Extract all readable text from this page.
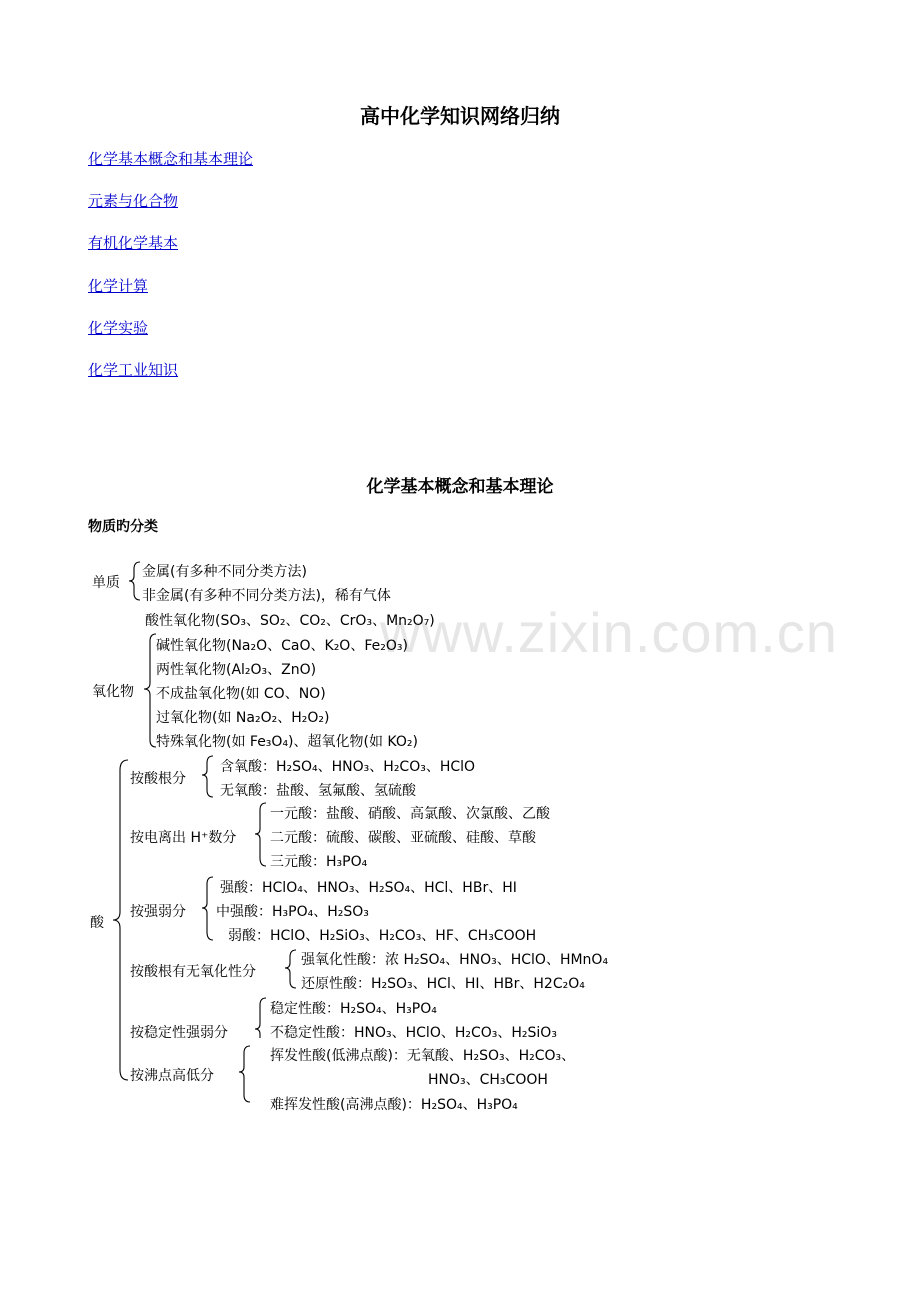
www.zixin.com.cn
高中化学知识网络归纳
化学基本概念和基本理论
元素与化合物
有机化学基本
化学计算
化学实验
化学工业知识
化学基本概念和基本理论
物质旳分类
单质
金属(有多种不同分类方法)
非金属(有多种不同分类方法)，稀有气体
氧化物
酸性氧化物(SO₃、SO₂、CO₂、CrO₃、Mn₂O₇)
碱性氧化物(Na₂O、CaO、K₂O、Fe₂O₃)
两性氧化物(Al₂O₃、ZnO)
不成盐氧化物(如 CO、NO)
过氧化物(如 Na₂O₂、H₂O₂)
特殊氧化物(如 Fe₃O₄)、超氧化物(如 KO₂)
酸
按酸根分
含氧酸：H₂SO₄、HNO₃、H₂CO₃、HClO
无氧酸：盐酸、氢氟酸、氢硫酸
按电离出 H⁺数分
一元酸：盐酸、硝酸、高氯酸、次氯酸、乙酸
二元酸：硫酸、碳酸、亚硫酸、硅酸、草酸
三元酸：H₃PO₄
按强弱分
强酸：HClO₄、HNO₃、H₂SO₄、HCl、HBr、HI
中强酸：H₃PO₄、H₂SO₃
弱酸：HClO、H₂SiO₃、H₂CO₃、HF、CH₃COOH
按酸根有无氧化性分
强氧化性酸：浓 H₂SO₄、HNO₃、HClO、HMnO₄
还原性酸：H₂SO₃、HCl、HI、HBr、H2C₂O₄
按稳定性强弱分
稳定性酸：H₂SO₄、H₃PO₄
不稳定性酸：HNO₃、HClO、H₂CO₃、H₂SiO₃
按沸点高低分
挥发性酸(低沸点酸)：无氧酸、H₂SO₃、H₂CO₃、
HNO₃、CH₃COOH
难挥发性酸(高沸点酸)：H₂SO₄、H₃PO₄
